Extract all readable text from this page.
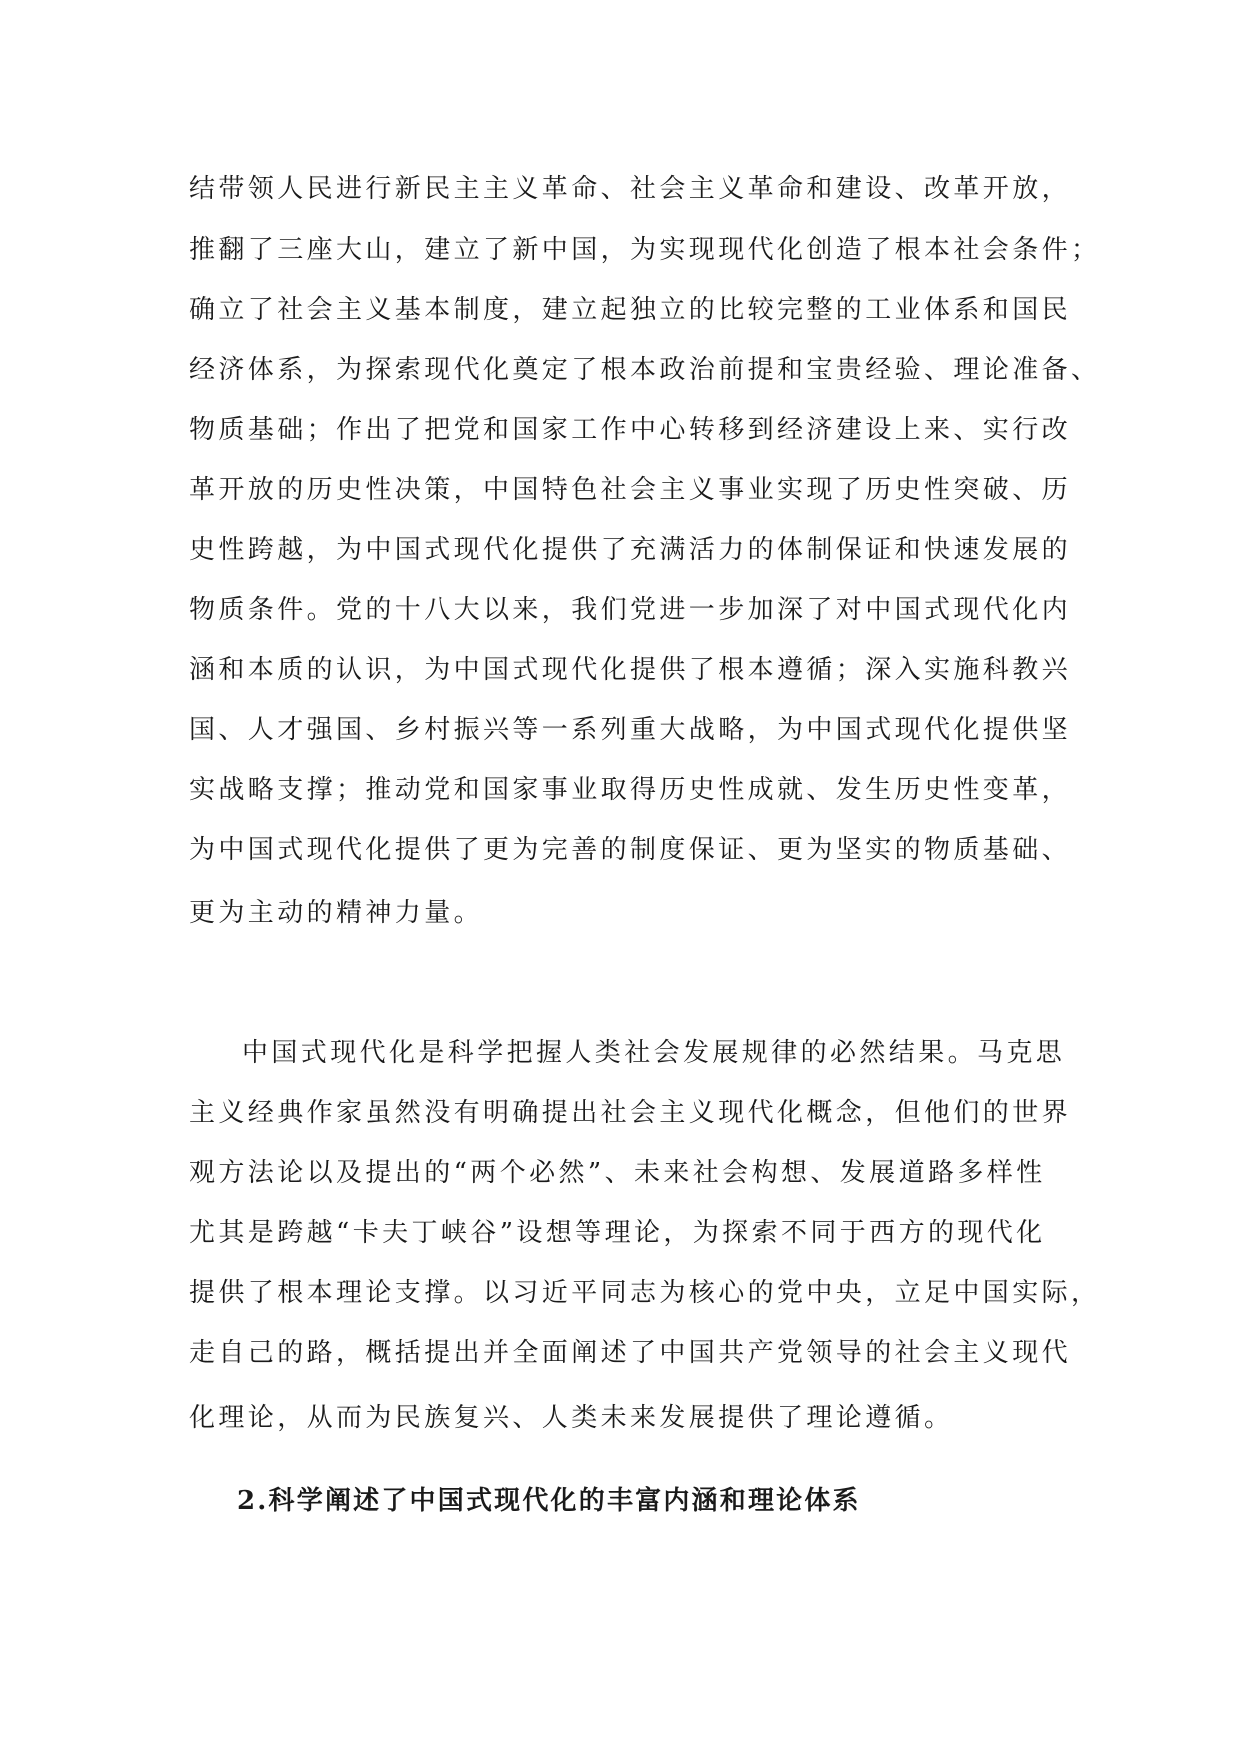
结带领人民进行新民主主义革命、社会主义革命和建设、改革开放，
推翻了三座大山，建立了新中国，为实现现代化创造了根本社会条件；
确立了社会主义基本制度，建立起独立的比较完整的工业体系和国民
经济体系，为探索现代化奠定了根本政治前提和宝贵经验、理论准备、
物质基础；作出了把党和国家工作中心转移到经济建设上来、实行改
革开放的历史性决策，中国特色社会主义事业实现了历史性突破、历
史性跨越，为中国式现代化提供了充满活力的体制保证和快速发展的
物质条件。党的十八大以来，我们党进一步加深了对中国式现代化内
涵和本质的认识，为中国式现代化提供了根本遵循；深入实施科教兴
国、人才强国、乡村振兴等一系列重大战略，为中国式现代化提供坚
实战略支撑；推动党和国家事业取得历史性成就、发生历史性变革，
为中国式现代化提供了更为完善的制度保证、更为坚实的物质基础、
更为主动的精神力量。
中国式现代化是科学把握人类社会发展规律的必然结果。马克思
主义经典作家虽然没有明确提出社会主义现代化概念，但他们的世界
观方法论以及提出的“两个必然”、未来社会构想、发展道路多样性
尤其是跨越“卡夫丁峡谷”设想等理论，为探索不同于西方的现代化
提供了根本理论支撑。以习近平同志为核心的党中央，立足中国实际，
走自己的路，概括提出并全面阐述了中国共产党领导的社会主义现代
化理论，从而为民族复兴、人类未来发展提供了理论遵循。
2.科学阐述了中国式现代化的丰富内涵和理论体系
